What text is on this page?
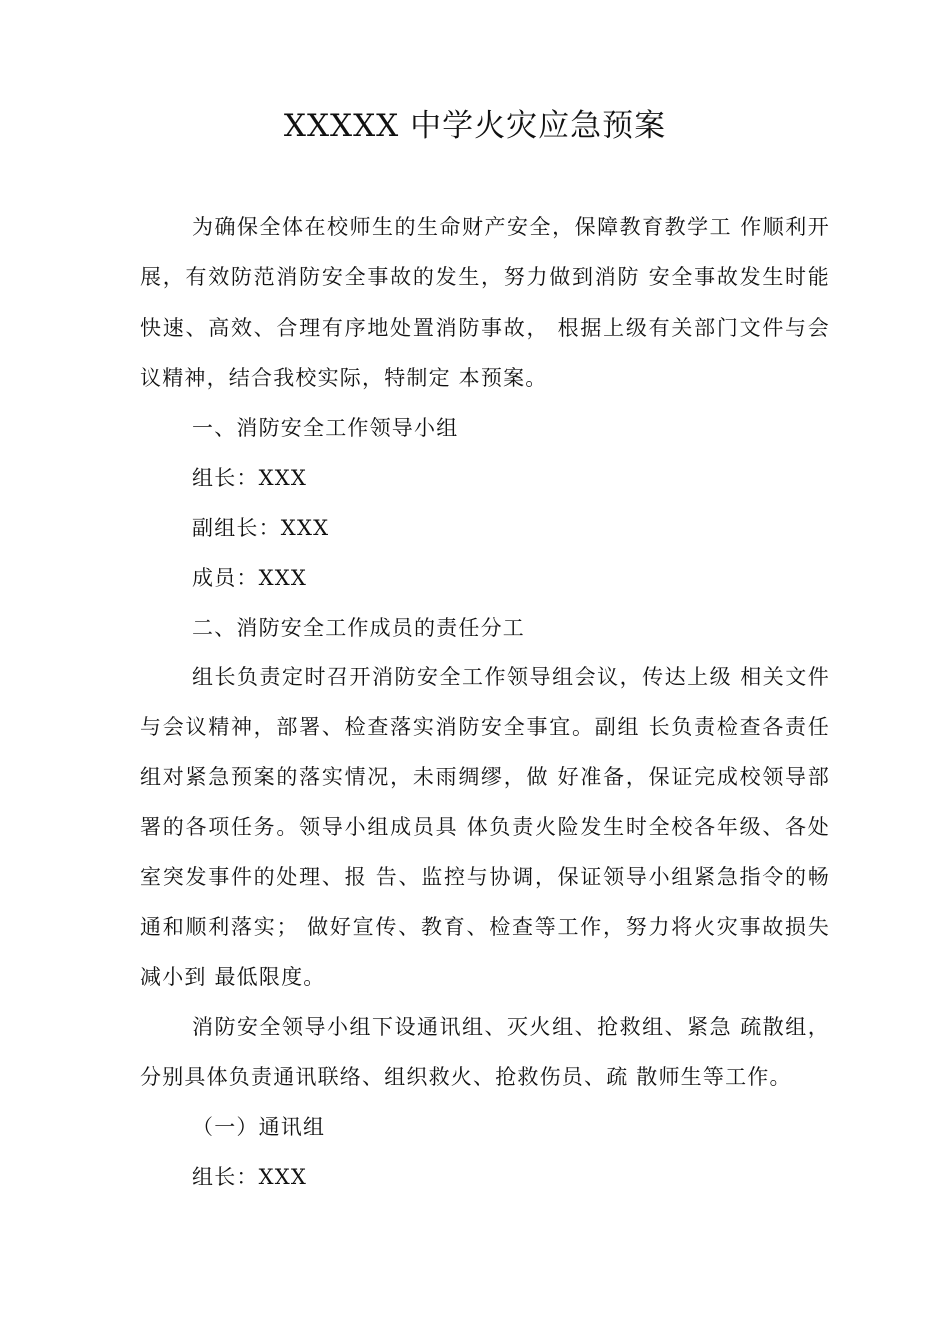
XXXXX 中学火灾应急预案
为确保全体在校师生的生命财产安全，保障教育教学工 作顺利开
展，有效防范消防安全事故的发生，努力做到消防 安全事故发生时能
快速、高效、合理有序地处置消防事故， 根据上级有关部门文件与会
议精神，结合我校实际，特制定 本预案。
一、消防安全工作领导小组
组长：XXX
副组长：XXX
成员：XXX
二、消防安全工作成员的责任分工
组长负责定时召开消防安全工作领导组会议，传达上级 相关文件
与会议精神，部署、检查落实消防安全事宜。副组 长负责检查各责任
组对紧急预案的落实情况，未雨绸缪，做 好准备，保证完成校领导部
署的各项任务。领导小组成员具 体负责火险发生时全校各年级、各处
室突发事件的处理、报 告、监控与协调，保证领导小组紧急指令的畅
通和顺利落实； 做好宣传、教育、检查等工作，努力将火灾事故损失
减小到 最低限度。
消防安全领导小组下设通讯组、灭火组、抢救组、紧急 疏散组，
分别具体负责通讯联络、组织救火、抢救伤员、疏 散师生等工作。
（一）通讯组
组长：XXX
